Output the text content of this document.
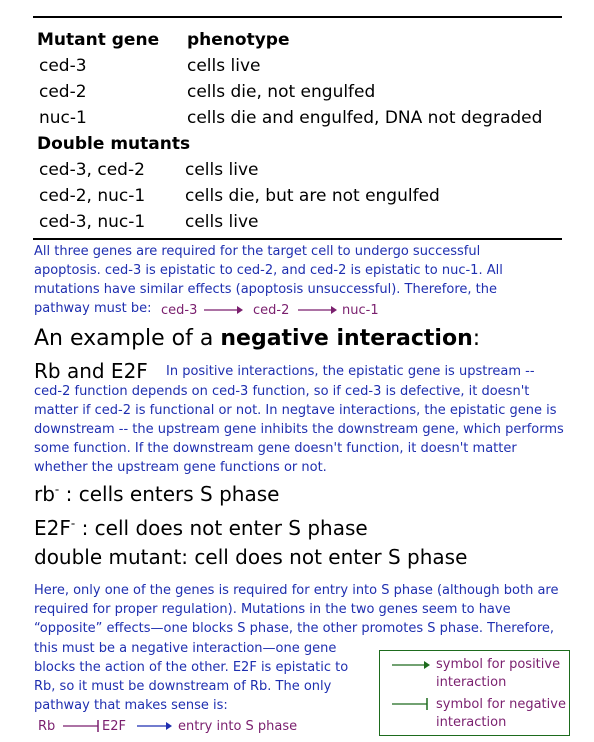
Mutant gene phenotype
ced-3	cells live
ced-2	cells die, not engulfed
nuc-1	cells die and engulfed, DNA not degraded
Double mutants
ced-3, ced-2 cells live
ced-2, nuc-1 cells die, but are not engulfed
ced-3, nuc-1 cells live
All three genes are required for the target cell to undergo successful
apoptosis. ced-3 is epistatic to ced-2, and ced-2 is epistatic to nuc-1. All
mutations have similar effects (apoptosis unsuccessful). Therefore, the
pathway must be: ced-3	ced-2	nuc-1
An example of a negative interaction:
Rb and E2F In positive interactions, the epistatic gene is upstream --
ced-2 function depends on ced-3 function, so if ced-3 is defective, it doesn't
matter if ced-2 is functional or not. In negtave interactions, the epistatic gene is
downstream -- the upstream gene inhibits the downstream gene, which performs
some function. If the downstream gene doesn't function, it doesn't matter
whether the upstream gene functions or not.
rb- : cells enters S phase
E2F- : cell does not enter S phase
double mutant: cell does not enter S phase
Here, only one of the genes is required for entry into S phase (although both are
required for proper regulation). Mutations in the two genes seem to have
“opposite” effects—one blocks S phase, the other promotes S phase. Therefore,
this must be a negative interaction—one gene
blocks the action of the other. E2F is epistatic to
Rb, so it must be downstream of Rb. The only
pathway that makes sense is:
Rb	E2F	entry into S phase
symbol for positive
interaction
symbol for negative
interaction
